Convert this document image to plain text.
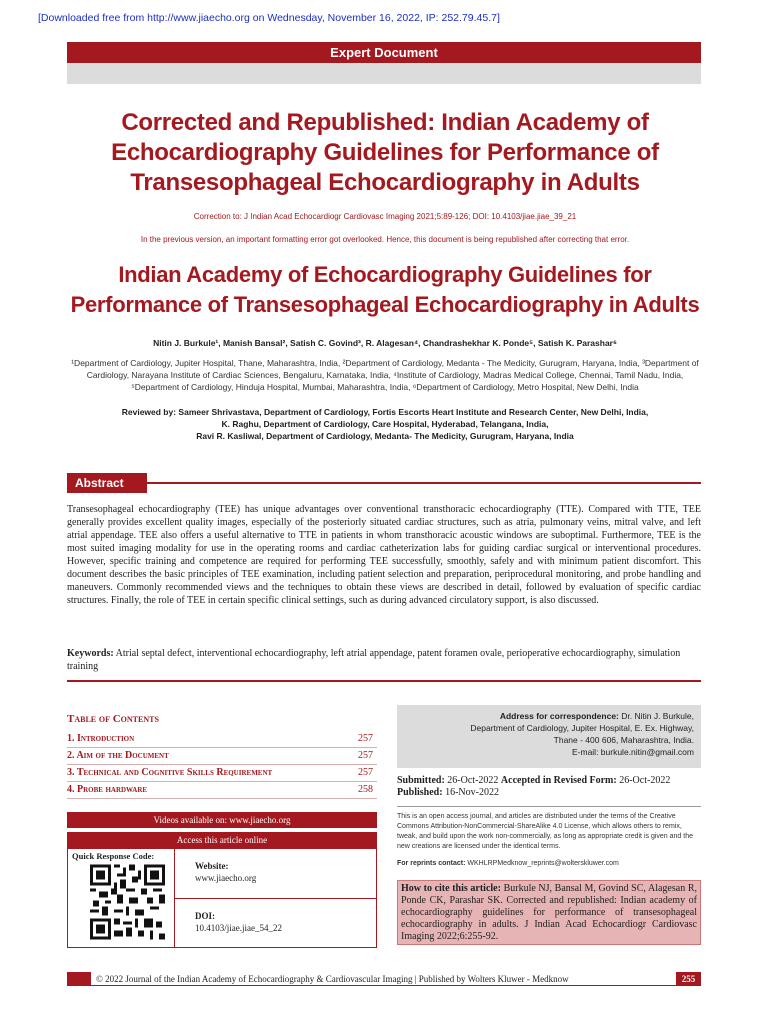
[Downloaded free from http://www.jiaecho.org on Wednesday, November 16, 2022, IP: 252.79.45.7]
Expert Document
Corrected and Republished: Indian Academy of Echocardiography Guidelines for Performance of Transesophageal Echocardiography in Adults
Correction to: J Indian Acad Echocardiogr Cardiovasc Imaging 2021;5:89-126; DOI: 10.4103/jiae.jiae_39_21
In the previous version, an important formatting error got overlooked. Hence, this document is being republished after correcting that error.
Indian Academy of Echocardiography Guidelines for Performance of Transesophageal Echocardiography in Adults
Nitin J. Burkule¹, Manish Bansal², Satish C. Govind³, R. Alagesan⁴, Chandrashekhar K. Ponde⁵, Satish K. Parashar⁶
¹Department of Cardiology, Jupiter Hospital, Thane, Maharashtra, India, ²Department of Cardiology, Medanta - The Medicity, Gurugram, Haryana, India, ³Department of Cardiology, Narayana Institute of Cardiac Sciences, Bengaluru, Karnataka, India, ⁴Institute of Cardiology, Madras Medical College, Chennai, Tamil Nadu, India, ⁵Department of Cardiology, Hinduja Hospital, Mumbai, Maharashtra, India, ⁶Department of Cardiology, Metro Hospital, New Delhi, India
Reviewed by: Sameer Shrivastava, Department of Cardiology, Fortis Escorts Heart Institute and Research Center, New Delhi, India,
K. Raghu, Department of Cardiology, Care Hospital, Hyderabad, Telangana, India,
Ravi R. Kasliwal, Department of Cardiology, Medanta- The Medicity, Gurugram, Haryana, India
Abstract
Transesophageal echocardiography (TEE) has unique advantages over conventional transthoracic echocardiography (TTE). Compared with TTE, TEE generally provides excellent quality images, especially of the posteriorly situated cardiac structures, such as atria, pulmonary veins, mitral valve, and left atrial appendage. TEE also offers a useful alternative to TTE in patients in whom transthoracic acoustic windows are suboptimal. Furthermore, TEE is the most suited imaging modality for use in the operating rooms and cardiac catheterization labs for guiding cardiac surgical or interventional procedures. However, specific training and competence are required for performing TEE successfully, smoothly, safely and with minimum patient discomfort. This document describes the basic principles of TEE examination, including patient selection and preparation, periprocedural monitoring, and probe handling and maneuvers. Commonly recommended views and the techniques to obtain these views are described in detail, followed by evaluation of specific cardiac structures. Finally, the role of TEE in certain specific clinical settings, such as during advanced circulatory support, is also discussed.
Keywords: Atrial septal defect, interventional echocardiography, left atrial appendage, patent foramen ovale, perioperative echocardiography, simulation training
Table of Contents
1. Introduction	257
2. Aim of the Document	257
3. Technical and Cognitive Skills Requirement	257
4. Probe hardware	258
Videos available on: www.jiaecho.org
Access this article online
Quick Response Code:
Website:
www.jiaecho.org
DOI:
10.4103/jiae.jiae_54_22
Address for correspondence: Dr. Nitin J. Burkule,
Department of Cardiology, Jupiter Hospital, E. Ex. Highway,
Thane - 400 606, Maharashtra, India.
E-mail: burkule.nitin@gmail.com
Submitted: 26-Oct-2022 Accepted in Revised Form: 26-Oct-2022
Published: 16-Nov-2022
This is an open access journal, and articles are distributed under the terms of the Creative Commons Attribution-NonCommercial-ShareAlike 4.0 License, which allows others to remix, tweak, and build upon the work non-commercially, as long as appropriate credit is given and the new creations are licensed under the identical terms.
For reprints contact: WKHLRPMedknow_reprints@wolterskluwer.com
How to cite this article: Burkule NJ, Bansal M, Govind SC, Alagesan R, Ponde CK, Parashar SK. Corrected and republished: Indian academy of echocardiography guidelines for performance of transesophageal echocardiography in adults. J Indian Acad Echocardiogr Cardiovasc Imaging 2022;6:255-92.
© 2022 Journal of the Indian Academy of Echocardiography & Cardiovascular Imaging | Published by Wolters Kluwer - Medknow	255
